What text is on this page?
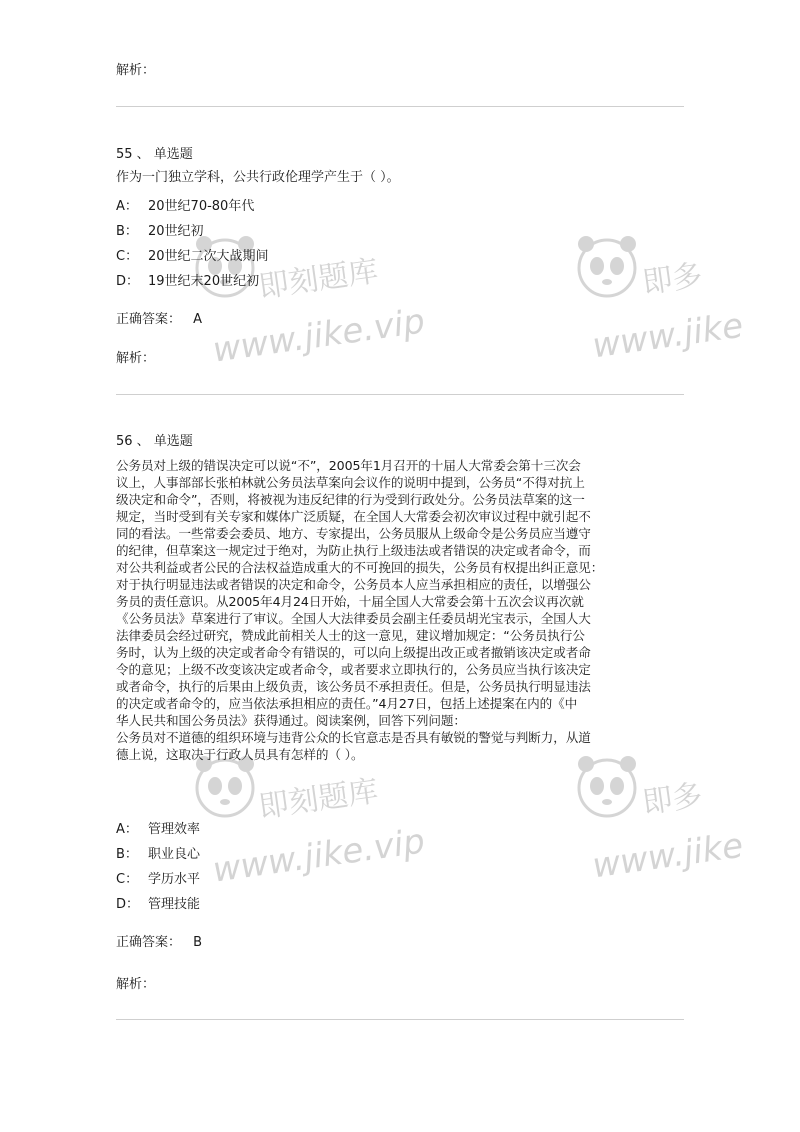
即刻题库
www.jike.vip
即多
www.jike
即刻题库
www.jike.vip
即多
www.jike
解析：
55 、 单选题
作为一门独立学科，公共行政伦理学产生于（ ）。
A： 20世纪70-80年代
B： 20世纪初
C： 20世纪二次大战期间
D： 19世纪末20世纪初
正确答案： A
解析：
56 、 单选题
公务员对上级的错误决定可以说“不”，2005年1月召开的十届人大常委会第十三次会
议上，人事部部长张柏林就公务员法草案向会议作的说明中提到，公务员“不得对抗上
级决定和命令”，否则，将被视为违反纪律的行为受到行政处分。公务员法草案的这一
规定，当时受到有关专家和媒体广泛质疑，在全国人大常委会初次审议过程中就引起不
同的看法。一些常委会委员、地方、专家提出，公务员服从上级命令是公务员应当遵守
的纪律，但草案这一规定过于绝对，为防止执行上级违法或者错误的决定或者命令，而
对公共利益或者公民的合法权益造成重大的不可挽回的损失，公务员有权提出纠正意见：
对于执行明显违法或者错误的决定和命令，公务员本人应当承担相应的责任，以增强公
务员的责任意识。从2005年4月24日开始，十届全国人大常委会第十五次会议再次就
《公务员法》草案进行了审议。全国人大法律委员会副主任委员胡光宝表示，全国人大
法律委员会经过研究，赞成此前相关人士的这一意见，建议增加规定：“公务员执行公
务时，认为上级的决定或者命令有错误的，可以向上级提出改正或者撤销该决定或者命
令的意见；上级不改变该决定或者命令，或者要求立即执行的，公务员应当执行该决定
或者命令，执行的后果由上级负责，该公务员不承担责任。但是，公务员执行明显违法
的决定或者命令的，应当依法承担相应的责任。”4月27日，包括上述提案在内的《中
华人民共和国公务员法》获得通过。阅读案例，回答下列问题：
公务员对不道德的组织环境与违背公众的长官意志是否具有敏锐的警觉与判断力，从道
德上说，这取决于行政人员具有怎样的（ ）。
A： 管理效率
B： 职业良心
C： 学历水平
D： 管理技能
正确答案： B
解析：
